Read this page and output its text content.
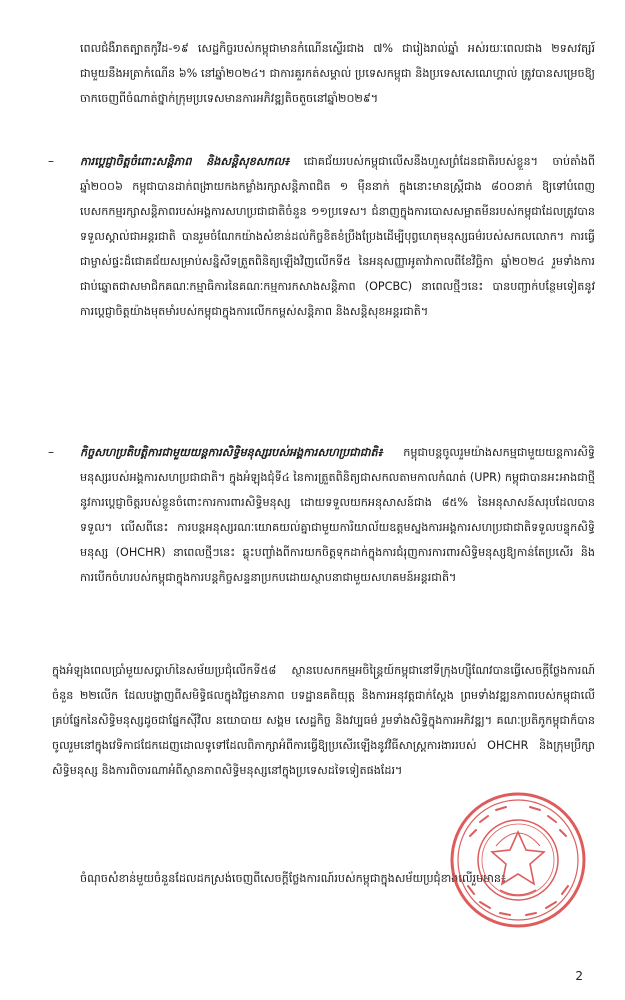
ពេលជំងឺរាតត្បាតកូវីដ-១៩ សេដ្ឋកិច្ចរបស់កម្ពុជាមានកំណើនស្ទើរជាង ៧% ជារៀងរាល់ឆ្នាំ អស់រយៈពេលជាង ២ទសវត្សរ៍ ជាមួយនឹងអត្រាកំណើន ៦% នៅឆ្នាំ២០២៤។ ជាការគួរកត់សម្គាល់ ប្រទេសកម្ពុជា និងប្រទេសសេណេហ្គាល់ ត្រូវបានសម្រេចឱ្យចាកចេញពីចំណាត់ថ្នាក់ក្រុមប្រទេសមានការអភិវឌ្ឍតិចតួចនៅឆ្នាំ២០២៩។

– ការប្តេជ្ញាចិត្តចំពោះសន្តិភាព និងសន្តិសុខសកល៖ ជោគជ័យរបស់កម្ពុជាលើសនឹងហួសព្រំដែនជាតិរបស់ខ្លួន។ ចាប់តាំងពីឆ្នាំ២០០៦ កម្ពុជាបានដាក់ពង្រាយកងកម្លាំងរក្សាសន្តិភាពជិត ១ ម៉ឺននាក់ ក្នុងនោះមានស្ត្រីជាង ៨០០នាក់ ឱ្យទៅបំពេញបេសកកម្មរក្សាសន្តិភាពរបស់អង្គការសហប្រជាជាតិចំនួន ១១ប្រទេស។ ជំនាញក្នុងការបោសសម្អាតមីនរបស់កម្ពុជាដែលត្រូវបានទទួលស្គាល់ជាអន្តរជាតិ បានរួមចំណែកយ៉ាងសំខាន់ដល់កិច្ចខិតខំប្រឹងប្រែងដើម្បីបុព្វហេតុមនុស្សធម៌របស់សកលលោក។ ការធ្វើជាម្ចាស់ផ្ទះដ៏ជោគជ័យសម្រាប់សន្និសីទត្រួតពិនិត្យឡើងវិញលើកទី៥ នៃអនុសញ្ញាអូតាវ៉ាកាលពីខែវិច្ឆិកា ឆ្នាំ២០២៤ រួមទាំងការជាប់ឆ្នោតជាសមាជិកគណៈកម្មាធិការនៃគណៈកម្មការកសាងសន្តិភាព (OPCBC) នាពេលថ្មីៗនេះ បានបញ្ជាក់បន្ថែមទៀតនូវការប្តេជ្ញាចិត្តយ៉ាងមុតមាំរបស់កម្ពុជាក្នុងការលើកកម្ពស់សន្តិភាព និងសន្តិសុខអន្តរជាតិ។

– កិច្ចសហប្រតិបត្តិការជាមួយយន្តការសិទ្ធិមនុស្សរបស់អង្គការសហប្រជាជាតិ៖ កម្ពុជាបន្តចូលរួមយ៉ាងសកម្មជាមួយយន្តការសិទ្ធិមនុស្សរបស់អង្គការសហប្រជាជាតិ។ ក្នុងអំឡុងជុំទី៤ នៃការត្រួតពិនិត្យជាសកលតាមកាលកំណត់ (UPR) កម្ពុជាបានអះអាងជាថ្មីនូវការប្តេជ្ញាចិត្តរបស់ខ្លួនចំពោះការការពារសិទ្ធិមនុស្ស ដោយទទួលយកអនុសាសន៍ជាង ៨៥% នៃអនុសាសន៍សរុបដែលបានទទួល។ លើសពីនេះ ការបន្តអនុស្សរណៈយោគយល់គ្នាជាមួយការិយាល័យឧត្តមស្នងការអង្គការសហប្រជាជាតិទទួលបន្ទុកសិទ្ធិមនុស្ស (OHCHR) នាពេលថ្មីៗនេះ ឆ្លុះបញ្ចាំងពីការយកចិត្តទុកដាក់ក្នុងការជំរុញការការពារសិទ្ធិមនុស្សឱ្យកាន់តែប្រសើរ និងការបើកចំហរបស់កម្ពុជាក្នុងការបន្តកិច្ចសន្ទនាប្រកបដោយស្ថាបនាជាមួយសហគមន៍អន្តរជាតិ។

ក្នុងអំឡុងពេលប្រាំមួយសប្តាហ៍នៃសម័យប្រជុំលើកទី៥៨ ស្ថានបេសកកម្មអចិន្ត្រៃយ៍កម្ពុជានៅទីក្រុងហ្ស៊ឺណែវបានធ្វើសេចក្តីថ្លែងការណ៍ចំនួន ២២លើក ដែលបង្ហាញពីសមិទ្ធិផលក្នុងវិជ្ជមានភាព បទដ្ឋានគតិយុត្ត និងការអនុវត្តជាក់ស្តែង ព្រមទាំងវឌ្ឍនភាពរបស់កម្ពុជាលើគ្រប់ផ្នែកនៃសិទ្ធិមនុស្សដូចជាផ្នែកស៊ីវិល នយោបាយ សង្គម សេដ្ឋកិច្ច និងវប្បធម៌ រួមទាំងសិទ្ធិក្នុងការអភិវឌ្ឍ។ គណៈប្រតិភូកម្ពុជាក៏បានចូលរួមនៅក្នុងវេទិកាជជែកដេញដោលទូទៅដែលពិភាក្សាអំពីការធ្វើឱ្យប្រសើរឡើងនូវវិធីសាស្ត្រការងាររបស់ OHCHR និងក្រុមប្រឹក្សាសិទ្ធិមនុស្ស និងការពិចារណាអំពីស្ថានភាពសិទ្ធិមនុស្សនៅក្នុងប្រទេសដទៃទៀតផងដែរ។

ចំណុចសំខាន់មួយចំនួនដែលដកស្រង់ចេញពីសេចក្តីថ្លែងការណ៍របស់កម្ពុជាក្នុងសម័យប្រជុំខាងលើរួមមាន៖

2
